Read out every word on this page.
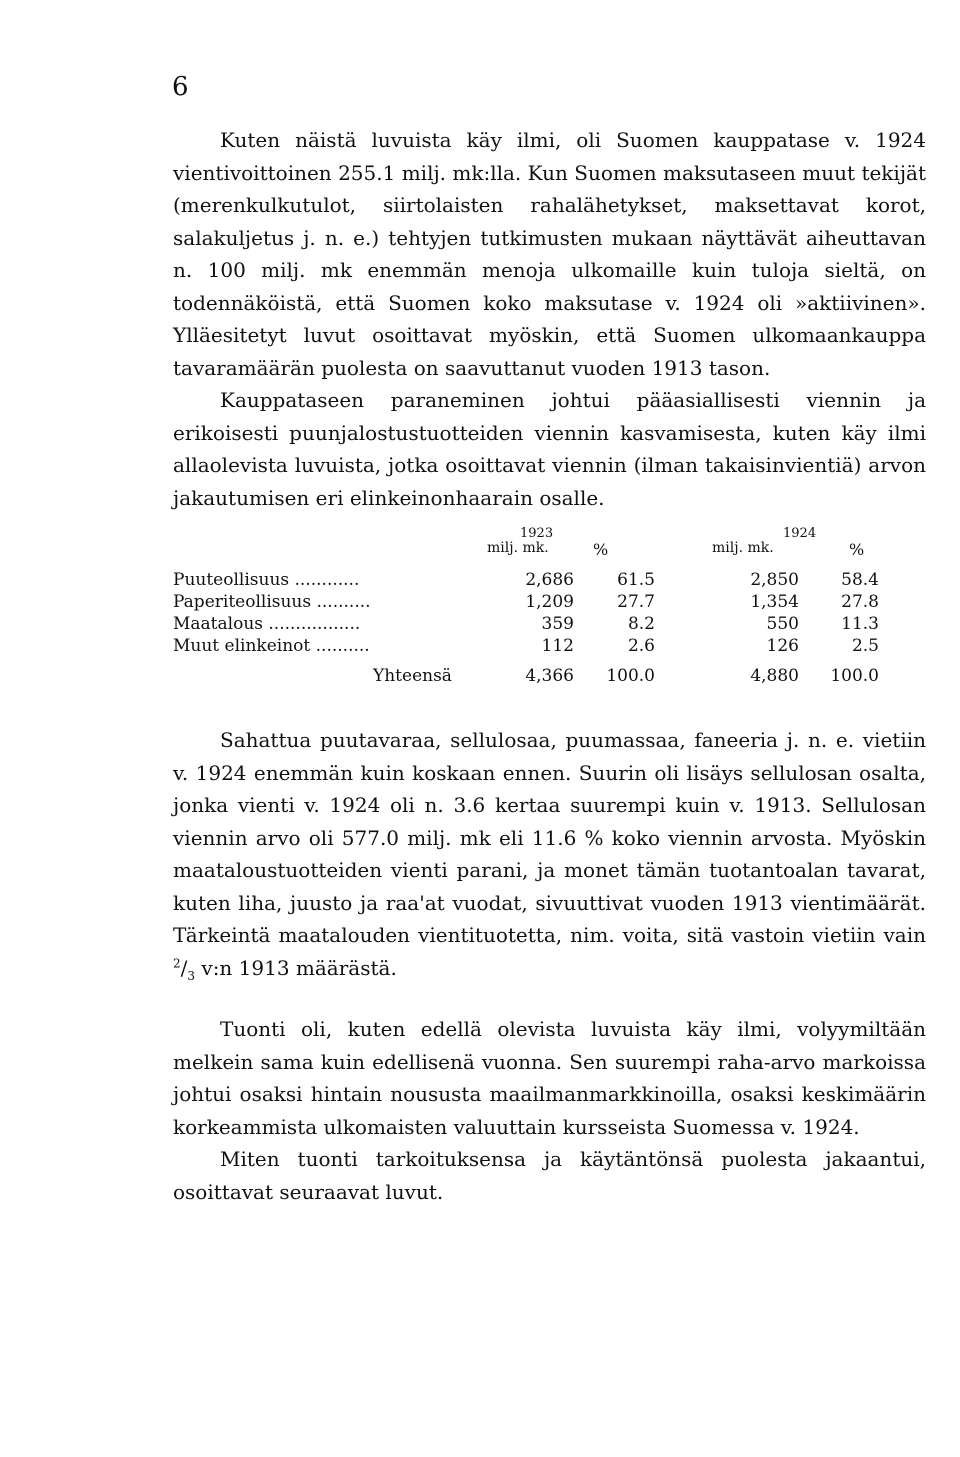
6

Kuten näistä luvuista käy ilmi, oli Suomen kauppatase v. 1924 vientivoittoinen 255.1 milj. mk:lla. Kun Suomen maksutaseen muut tekijät (merenkulkutulot, siirtolaisten rahalähetykset, maksettavat korot, salakuljetus j. n. e.) tehtyjen tutkimusten mukaan näyttävät aiheuttavan n. 100 milj. mk enemmän menoja ulkomaille kuin tuloja sieltä, on todennäköistä, että Suomen koko maksutase v. 1924 oli »aktiivinen». Ylläesitetyt luvut osoittavat myöskin, että Suomen ulkomaankauppa tavaramäärän puolesta on saavuttanut vuoden 1913 tason.

Kauppataseen paraneminen johtui pääasiallisesti viennin ja erikoisesti puunjalostustuotteiden viennin kasvamisesta, kuten käy ilmi allaolevista luvuista, jotka osoittavat viennin (ilman takaisinvientiä) arvon jakautumisen eri elinkeinonhaarain osalle.

1923	1924
milj. mk.	%	milj. mk.	%
Puuteollisuus ............	2,686	61.5	2,850 58.4
Paperiteollisuus ..........	1,209	27.7	1,354 27.8
Maatalous .................	359	8.2	550 11.3
Muut elinkeinot ..........	112	2.6	126	2.5
Yhteensä	4,366 100.0	4,880 100.0

Sahattua puutavaraa, sellulosaa, puumassaa, faneeria j. n. e. vietiin v. 1924 enemmän kuin koskaan ennen. Suurin oli lisäys sellulosan osalta, jonka vienti v. 1924 oli n. 3.6 kertaa suurempi kuin v. 1913. Sellulosan viennin arvo oli 577.0 milj. mk eli 11.6 % koko viennin arvosta. Myöskin maataloustuotteiden vienti parani, ja monet tämän tuotantoalan tavarat, kuten liha, juusto ja raa'at vuodat, sivuuttivat vuoden 1913 vientimäärät. Tärkeintä maatalouden vientituotetta, nim. voita, sitä vastoin vietiin vain $^2/_3$ v:n 1913 määrästä.

Tuonti oli, kuten edellä olevista luvuista käy ilmi, volyymiltään melkein sama kuin edellisenä vuonna. Sen suurempi raha-arvo markoissa johtui osaksi hintain noususta maailmanmarkkinoilla, osaksi keskimäärin korkeammista ulkomaisten valuuttain kursseista Suomessa v. 1924.

Miten tuonti tarkoituksensa ja käytäntönsä puolesta jakaantui, osoittavat seuraavat luvut.
